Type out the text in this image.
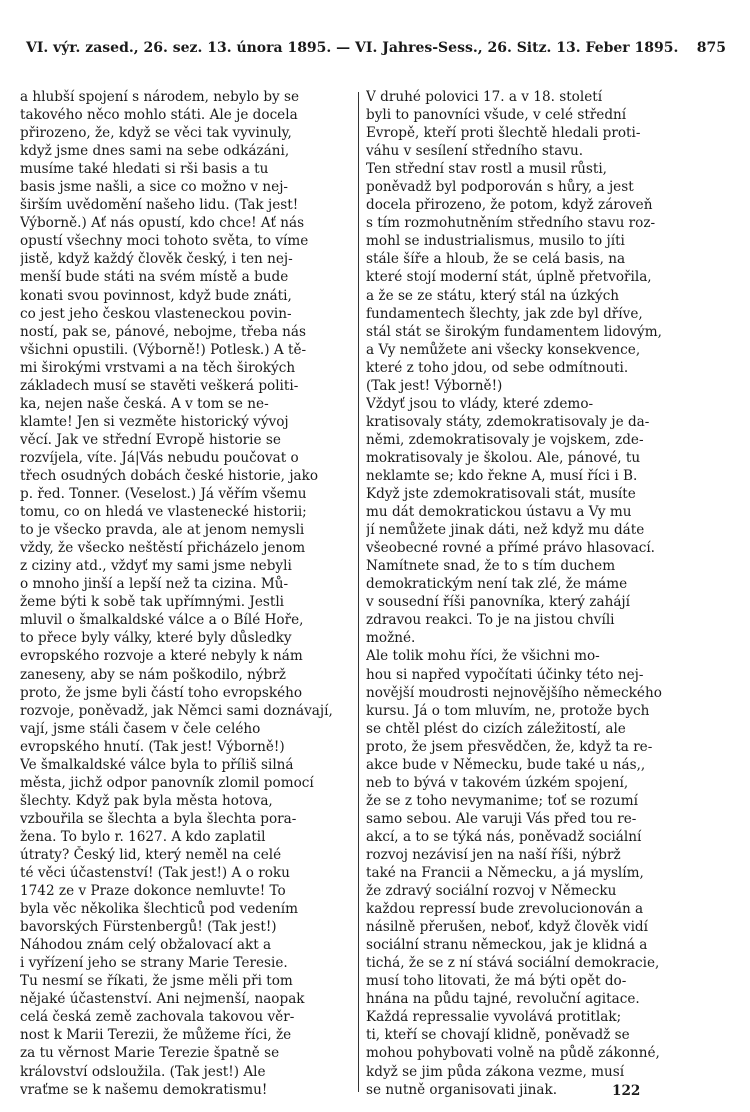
VI. výr. zased., 26. sez. 13. února 1895. — VI. Jahres-Sess., 26. Sitz. 13. Feber 1895. 875
a hlubší spojení s národem, nebylo by se
takového něco mohlo státi. Ale je docela
přirozeno, že, když se věci tak vyvinuly,
když jsme dnes sami na sebe odkázáni,
musíme také hledati si rši basis a tu
basis jsme našli, a sice co možno v nej-
širším uvědomění našeho lidu. (Tak jest!
Výborně.) Ať nás opustí, kdo chce! Ať nás
opustí všechny moci tohoto světa, to víme
jistě, když každý člověk český, i ten nej-
menší bude státi na svém místě a bude
konati svou povinnost, když bude znáti,
co jest jeho českou vlasteneckou povin-
ností, pak se, pánové, nebojme, třeba nás
všichni opustili. (Výborně!) Potlesk.) A tě-
mi širokými vrstvami a na těch širokých
základech musí se stavěti veškerá politi-
ka, nejen naše česká. A v tom se ne-
klamte! Jen si vezměte historický vývoj
věcí. Jak ve střední Evropě historie se
rozvíjela, víte. Já|Vás nebudu poučovat o
třech osudných dobách české historie, jako
p. řed. Tonner. (Veselost.) Já věřím všemu
tomu, co on hledá ve vlastenecké historii;
to je všecko pravda, ale at jenom nemysli
vždy, že všecko neštěstí přicházelo jenom
z ciziny atd., vždyť my sami jsme nebyli
o mnoho jinší a lepší než ta cizina. Mů-
žeme býti k sobě tak upřímnými. Jestli
mluvil o šmalkaldské válce a o Bílé Hoře,
to přece byly války, které byly důsledky
evropského rozvoje a které nebyly k nám
zaneseny, aby se nám poškodilo, nýbrž
proto, že jsme byli částí toho evropského
rozvoje, poněvadž, jak Němci sami doznávají,
vají, jsme stáli časem v čele celého
evropského hnutí. (Tak jest! Výborně!)
Ve šmalkaldské válce byla to příliš silná
města, jichž odpor panovník zlomil pomocí
šlechty. Když pak byla města hotova,
vzbouřila se šlechta a byla šlechta pora-
žena. To bylo r. 1627. A kdo zaplatil
útraty? Český lid, který neměl na celé
té věci účastenství! (Tak jest!) A o roku
1742 ze v Praze dokonce nemluvte! To
byla věc několika šlechticů pod vedením
bavorských Fürstenbergů! (Tak jest!)
Náhodou znám celý obžalovací akt a
i vyřízení jeho se strany Marie Teresie.
Tu nesmí se říkati, že jsme měli při tom
nějaké účastenství. Ani nejmenší, naopak
celá česká země zachovala takovou věr-
nost k Marii Terezii, že můžeme říci, že
za tu věrnost Marie Terezie špatně se
království odsloužila. (Tak jest!) Ale
vraťme se k našemu demokratismu!
V druhé polovici 17. a v 18. století
byli to panovníci všude, v celé střední
Evropě, kteří proti šlechtě hledali proti-
váhu v sesílení středního stavu.
Ten střední stav rostl a musil růsti,
poněvadž byl podporován s hůry, a jest
docela přirozeno, že potom, když zároveň
s tím rozmohutněním středního stavu roz-
mohl se industrialismus, musilo to jíti
stále šíře a hloub, že se celá basis, na
které stojí moderní stát, úplně přetvořila,
a že se ze státu, který stál na úzkých
fundamentech šlechty, jak zde byl dříve,
stál stát se širokým fundamentem lidovým,
a Vy nemůžete ani všecky konsekvence,
které z toho jdou, od sebe odmítnouti.
(Tak jest! Výborně!)
Vždyť jsou to vlády, které zdemo-
kratisovaly státy, zdemokratisovaly je da-
němi, zdemokratisovaly je vojskem, zde-
mokratisovaly je školou. Ale, pánové, tu
neklamte se; kdo řekne A, musí říci i B.
Když jste zdemokratisovali stát, musíte
mu dát demokratickou ústavu a Vy mu
jí nemůžete jinak dáti, než když mu dáte
všeobecné rovné a přímé právo hlasovací.
Namítnete snad, že to s tím duchem
demokratickým není tak zlé, že máme
v sousední říši panovníka, který zahájí
zdravou reakci. To je na jistou chvíli
možné.
Ale tolik mohu říci, že všichni mo-
hou si napřed vypočítati účinky této nej-
novější moudrosti nejnovějšího německého
kursu. Já o tom mluvím, ne, protože bych
se chtěl plést do cizích záležitostí, ale
proto, že jsem přesvědčen, že, když ta re-
akce bude v Německu, bude také u nás,,
neb to bývá v takovém úzkém spojení,
že se z toho nevymanime; toť se rozumí
samo sebou. Ale varuji Vás před tou re-
akcí, a to se týká nás, poněvadž sociální
rozvoj nezávisí jen na naší říši, nýbrž
také na Francii a Německu, a já myslím,
že zdravý sociální rozvoj v Německu
každou repressí bude zrevolucionován a
násilně přerušen, neboť, když člověk vidí
sociální stranu německou, jak je klidná a
tichá, že se z ní stává sociální demokracie,
musí toho litovati, že má býti opět do-
hnána na půdu tajné, revoluční agitace.
Každá repressalie vyvolává protitlak;
ti, kteří se chovají klidně, poněvadž se
mohou pohybovati volně na půdě zákonné,
když se jim půda zákona vezme, musí
se nutně organisovati jinak.	122
